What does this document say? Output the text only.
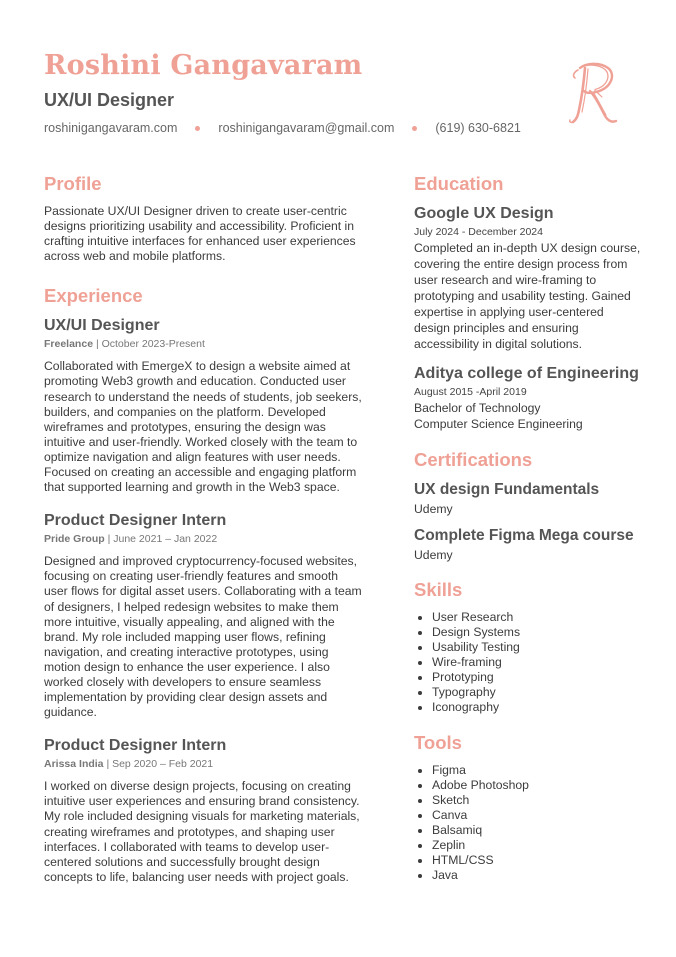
Roshini Gangavaram
UX/UI Designer
roshinigangavaram.com	roshinigangavaram@gmail.com	(619) 630-6821
Profile

Passionate UX/UI Designer driven to create user-centric designs prioritizing usability and accessibility. Proficient in crafting intuitive interfaces for enhanced user experiences across web and mobile platforms.

Experience

UX/UI Designer

Freelance | October 2023-Present

Collaborated with EmergeX to design a website aimed at promoting Web3 growth and education. Conducted user research to understand the needs of students, job seekers, builders, and companies on the platform. Developed wireframes and prototypes, ensuring the design was intuitive and user-friendly. Worked closely with the team to optimize navigation and align features with user needs. Focused on creating an accessible and engaging platform that supported learning and growth in the Web3 space.

Product Designer Intern

Pride Group | June 2021 – Jan 2022

Designed and improved cryptocurrency-focused websites, focusing on creating user-friendly features and smooth user flows for digital asset users. Collaborating with a team of designers, I helped redesign websites to make them more intuitive, visually appealing, and aligned with the brand. My role included mapping user flows, refining navigation, and creating interactive prototypes, using motion design to enhance the user experience. I also worked closely with developers to ensure seamless implementation by providing clear design assets and guidance.

Product Designer Intern

Arissa India | Sep 2020 – Feb 2021

I worked on diverse design projects, focusing on creating intuitive user experiences and ensuring brand consistency. My role included designing visuals for marketing materials, creating wireframes and prototypes, and shaping user interfaces. I collaborated with teams to develop user-centered solutions and successfully brought design concepts to life, balancing user needs with project goals.

Education

Google UX Design

July 2024 - December 2024

Completed an in-depth UX design course, covering the entire design process from user research and wire-framing to prototyping and usability testing. Gained expertise in applying user-centered design principles and ensuring accessibility in digital solutions.

Aditya college of Engineering

August 2015 -April 2019

Bachelor of Technology

Computer Science Engineering

Certifications

UX design Fundamentals

Udemy

Complete Figma Mega course

Udemy

Skills
• User Research
• Design Systems
• Usability Testing
• Wire-framing
• Prototyping
• Typography
• Iconography
Tools
• Figma
• Adobe Photoshop
• Sketch
• Canva
• Balsamiq
• Zeplin
• HTML/CSS
• Java
